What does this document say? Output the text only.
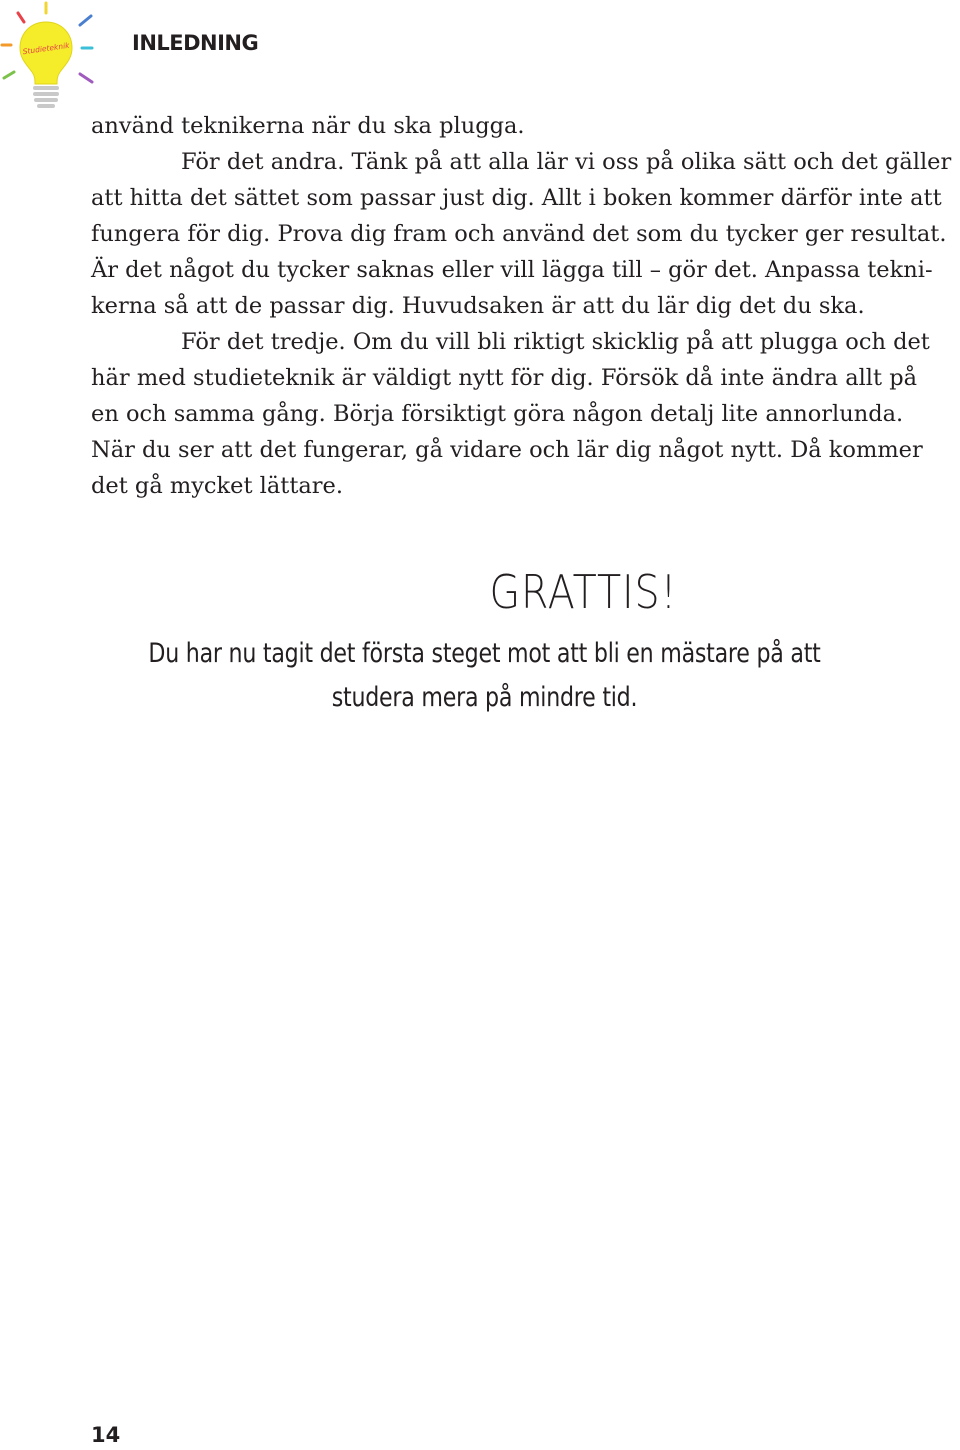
Studieteknik	INLEDNING

använd teknikerna när du ska plugga.

För det andra. Tänk på att alla lär vi oss på olika sätt och det gäller

att hitta det sättet som passar just dig. Allt i boken kommer därför inte att

fungera för dig. Prova dig fram och använd det som du tycker ger resultat.

Är det något du tycker saknas eller vill lägga till – gör det. Anpassa tekni-

kerna så att de passar dig. Huvudsaken är att du lär dig det du ska.

För det tredje. Om du vill bli riktigt skicklig på att plugga och det

här med studieteknik är väldigt nytt för dig. Försök då inte ändra allt på

en och samma gång. Börja försiktigt göra någon detalj lite annorlunda.

När du ser att det fungerar, gå vidare och lär dig något nytt. Då kommer

det gå mycket lättare.

GRATTIS!
Du har nu tagit det första steget mot att bli en mästare på att
studera mera på mindre tid.
14
